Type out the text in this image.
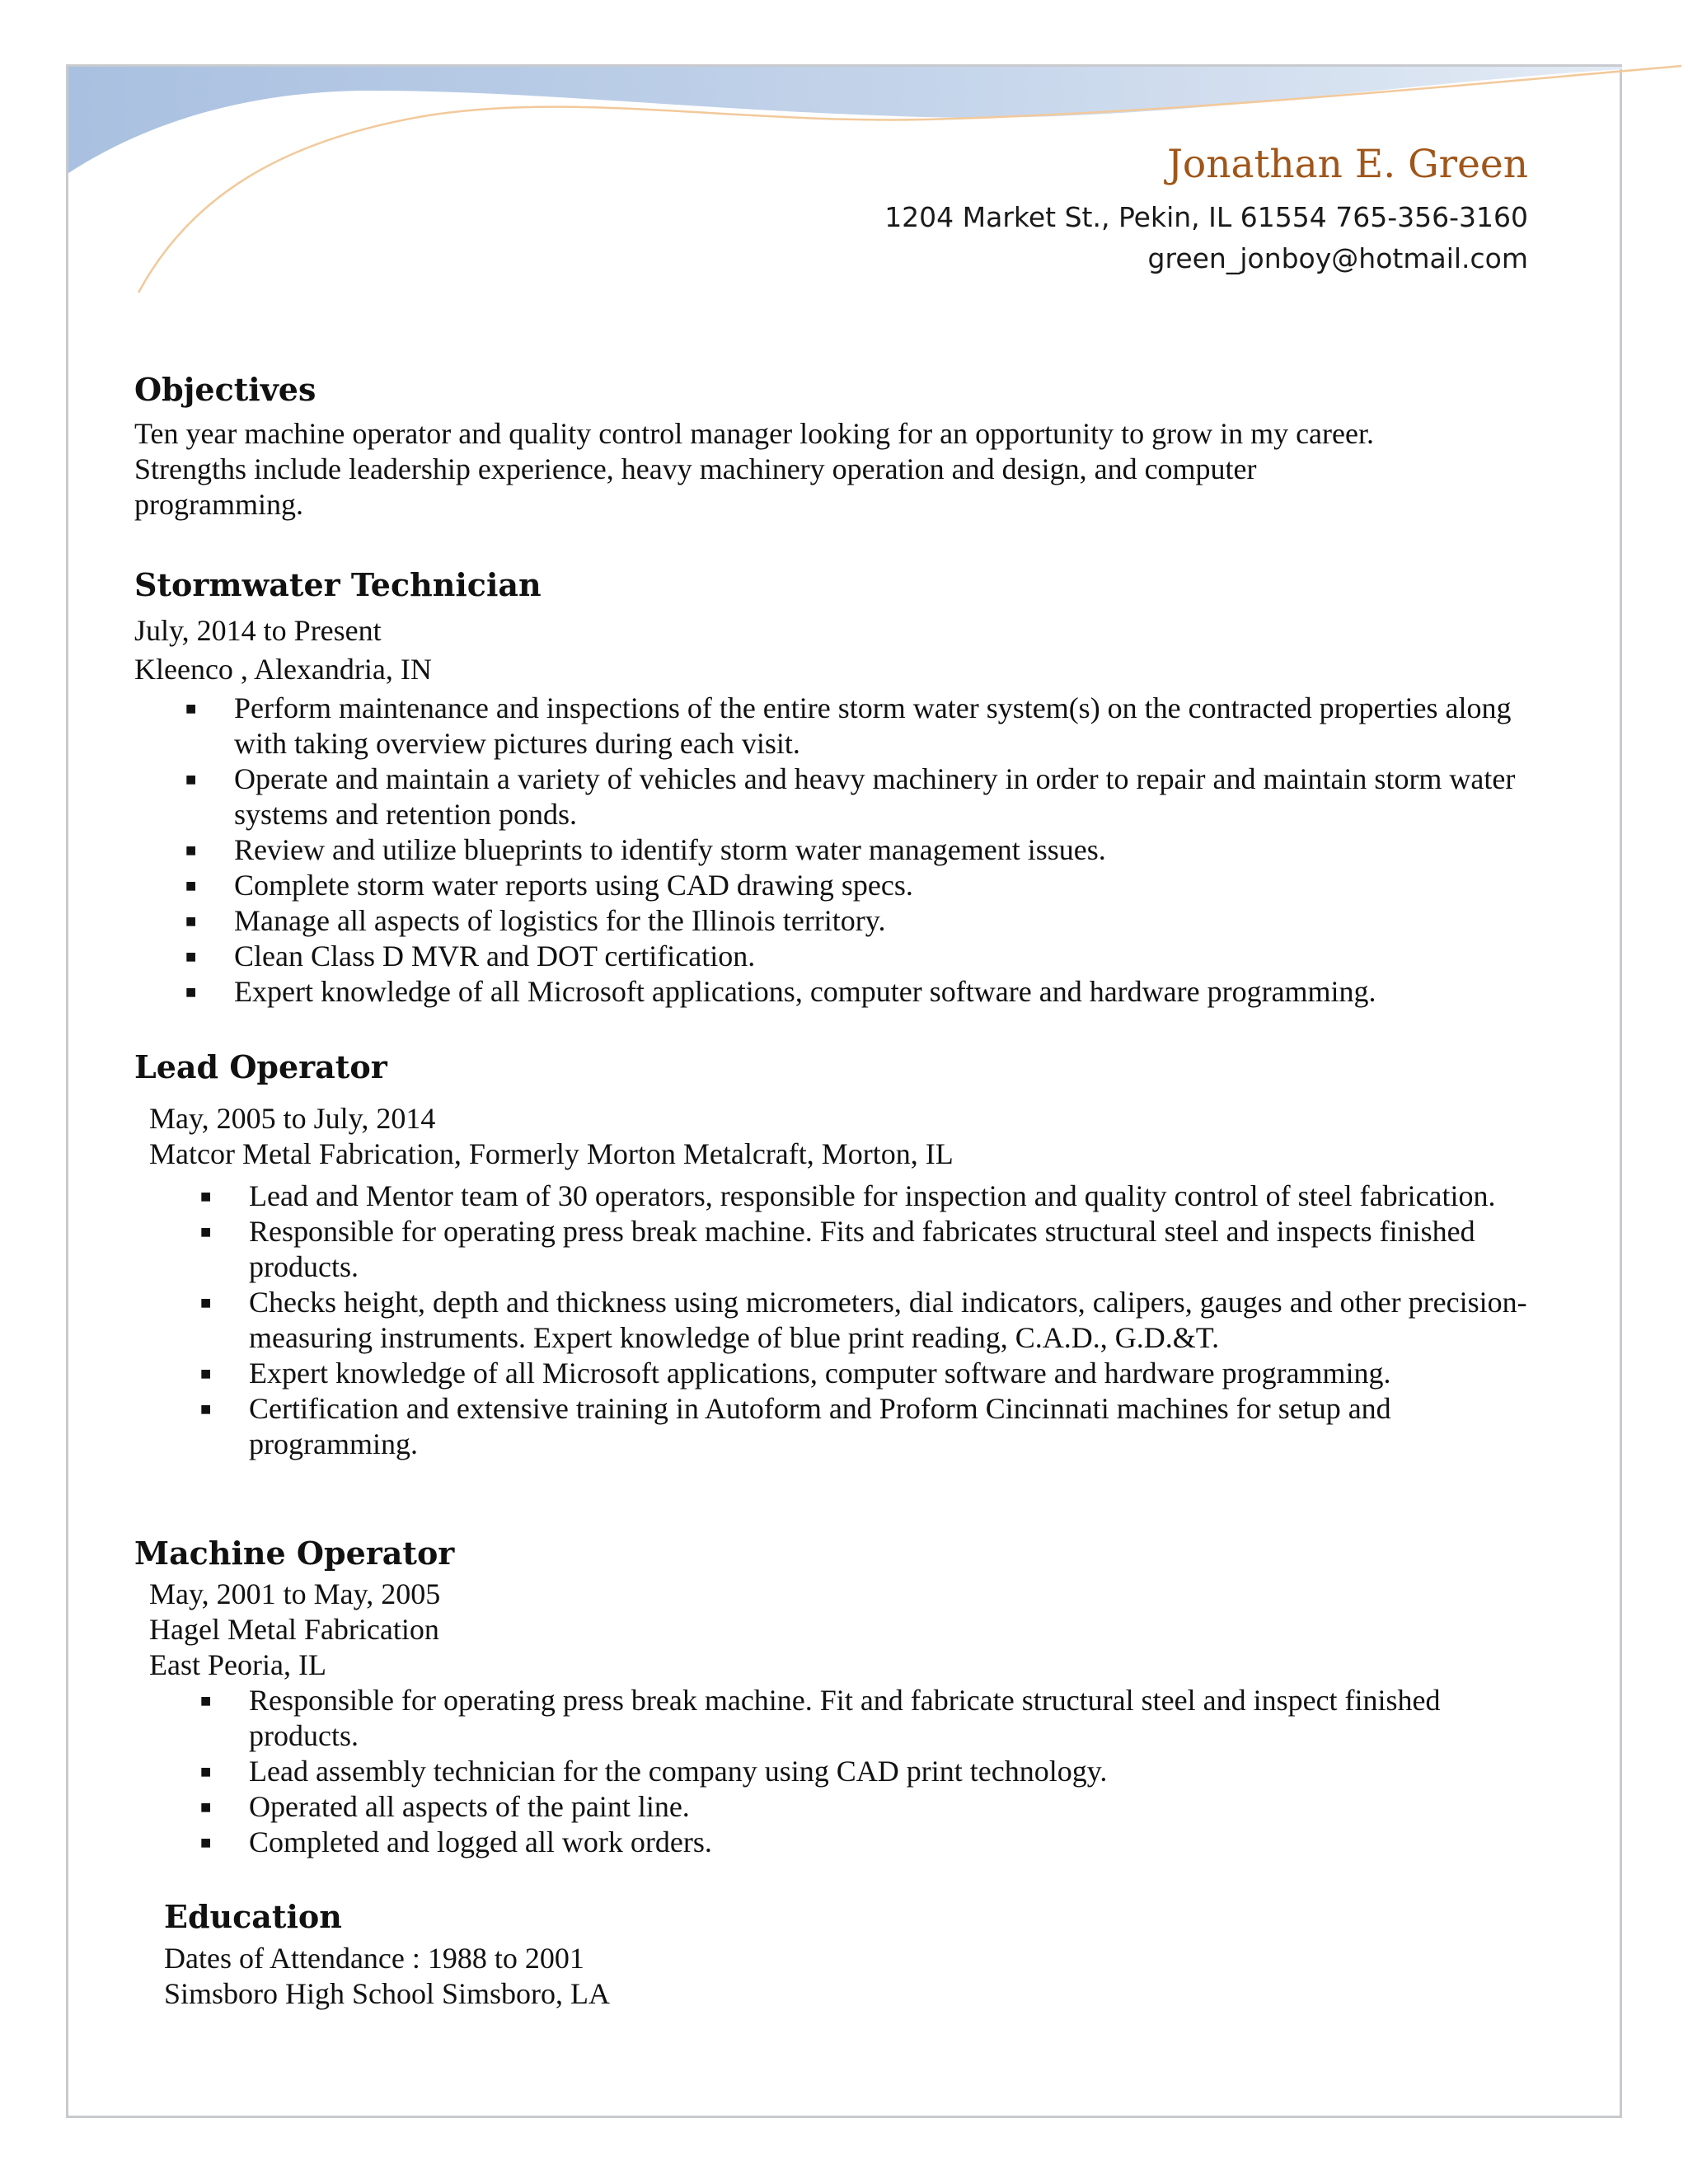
Jonathan E. Green
1204 Market St., Pekin, IL 61554 765-356-3160
green_jonboy@hotmail.com
Objectives
Ten year machine operator and quality control manager looking for an opportunity to grow in my career.
Strengths include leadership experience, heavy machinery operation and design, and computer
programming.
Stormwater Technician
July, 2014 to Present
Kleenco , Alexandria, IN
■ Perform maintenance and inspections of the entire storm water system(s) on the contracted properties along with taking overview pictures during each visit.
■ Operate and maintain a variety of vehicles and heavy machinery in order to repair and maintain storm water systems and retention ponds.
■ Review and utilize blueprints to identify storm water management issues.
■ Complete storm water reports using CAD drawing specs.
■ Manage all aspects of logistics for the Illinois territory.
■ Clean Class D MVR and DOT certification.
■ Expert knowledge of all Microsoft applications, computer software and hardware programming.
Lead Operator
May, 2005 to July, 2014
Matcor Metal Fabrication, Formerly Morton Metalcraft, Morton, IL
■ Lead and Mentor team of 30 operators, responsible for inspection and quality control of steel fabrication.
■ Responsible for operating press break machine. Fits and fabricates structural steel and inspects finished products.
■ Checks height, depth and thickness using micrometers, dial indicators, calipers, gauges and other precision-measuring instruments. Expert knowledge of blue print reading, C.A.D., G.D.&T.
■ Expert knowledge of all Microsoft applications, computer software and hardware programming.
■ Certification and extensive training in Autoform and Proform Cincinnati machines for setup and programming.
Machine Operator
May, 2001 to May, 2005
Hagel Metal Fabrication
East Peoria, IL
■ Responsible for operating press break machine. Fit and fabricate structural steel and inspect finished products.
■ Lead assembly technician for the company using CAD print technology.
■ Operated all aspects of the paint line.
■ Completed and logged all work orders.
Education
Dates of Attendance : 1988 to 2001
Simsboro High School Simsboro, LA
